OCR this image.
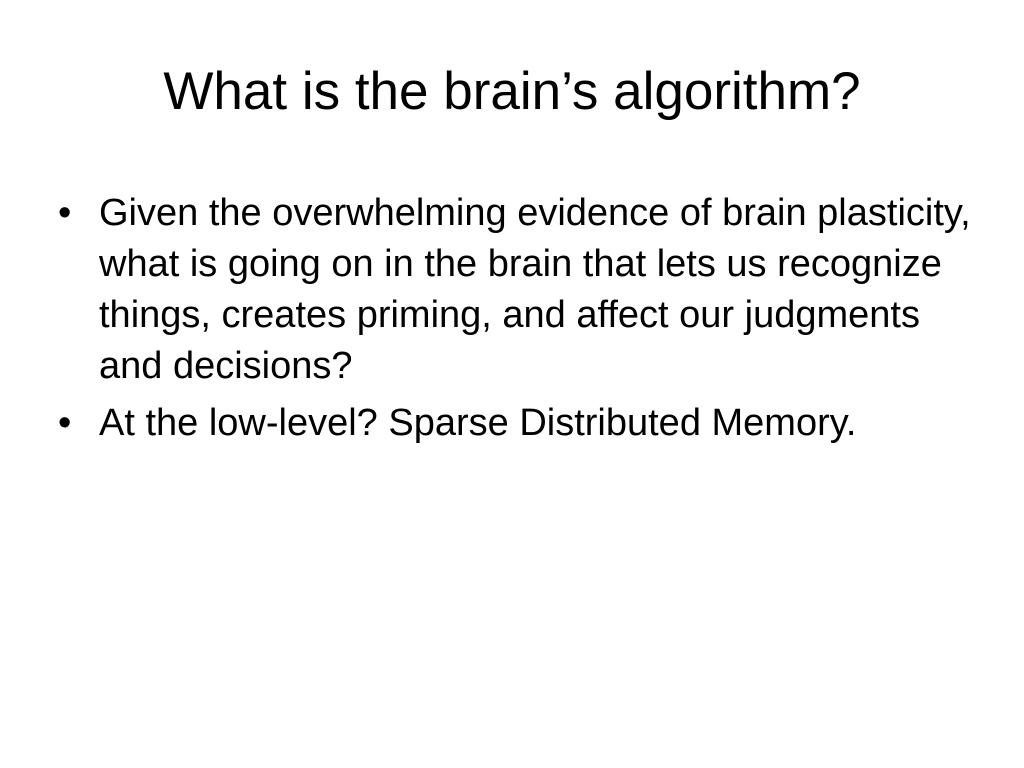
What is the brain’s algorithm?
• Given the overwhelming evidence of brain plasticity, what is going on in the brain that lets us recognize things, creates priming, and affect our judgments and decisions?
• At the low-level? Sparse Distributed Memory.
